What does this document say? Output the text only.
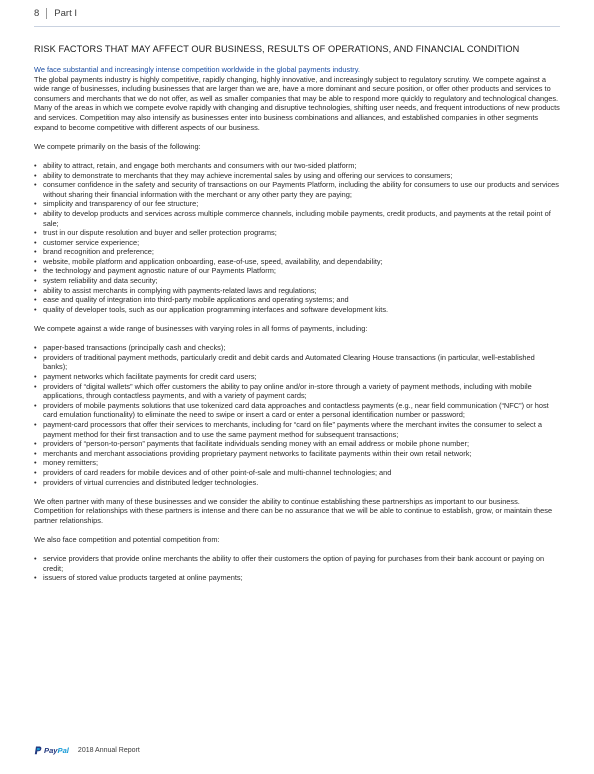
8 Part I
RISK FACTORS THAT MAY AFFECT OUR BUSINESS, RESULTS OF OPERATIONS, AND FINANCIAL CONDITION

We face substantial and increasingly intense competition worldwide in the global payments industry.

The global payments industry is highly competitive, rapidly changing, highly innovative, and increasingly subject to regulatory scrutiny. We compete against a wide range of businesses, including businesses that are larger than we are, have a more dominant and secure position, or offer other products and services to consumers and merchants that we do not offer, as well as smaller companies that may be able to respond more quickly to regulatory and technological changes. Many of the areas in which we compete evolve rapidly with changing and disruptive technologies, shifting user needs, and frequent introductions of new products and services. Competition may also intensify as businesses enter into business combinations and alliances, and established companies in other segments expand to become competitive with different aspects of our business.

We compete primarily on the basis of the following:

• ability to attract, retain, and engage both merchants and consumers with our two-sided platform;
• ability to demonstrate to merchants that they may achieve incremental sales by using and offering our services to consumers;
• consumer confidence in the safety and security of transactions on our Payments Platform, including the ability for consumers to use our products and services without sharing their financial information with the merchant or any other party they are paying;
• simplicity and transparency of our fee structure;
• ability to develop products and services across multiple commerce channels, including mobile payments, credit products, and payments at the retail point of sale;
• trust in our dispute resolution and buyer and seller protection programs;
• customer service experience;
• brand recognition and preference;
• website, mobile platform and application onboarding, ease-of-use, speed, availability, and dependability;
• the technology and payment agnostic nature of our Payments Platform;
• system reliability and data security;
• ability to assist merchants in complying with payments-related laws and regulations;
• ease and quality of integration into third-party mobile applications and operating systems; and
• quality of developer tools, such as our application programming interfaces and software development kits.

We compete against a wide range of businesses with varying roles in all forms of payments, including:

• paper-based transactions (principally cash and checks);
• providers of traditional payment methods, particularly credit and debit cards and Automated Clearing House transactions (in particular, well-established banks);
• payment networks which facilitate payments for credit card users;
• providers of “digital wallets” which offer customers the ability to pay online and/or in-store through a variety of payment methods, including with mobile applications, through contactless payments, and with a variety of payment cards;
• providers of mobile payments solutions that use tokenized card data approaches and contactless payments (e.g., near field communication (“NFC”) or host card emulation functionality) to eliminate the need to swipe or insert a card or enter a personal identification number or password;
• payment-card processors that offer their services to merchants, including for “card on file” payments where the merchant invites the consumer to select a payment method for their first transaction and to use the same payment method for subsequent transactions;
• providers of “person-to-person” payments that facilitate individuals sending money with an email address or mobile phone number;
• merchants and merchant associations providing proprietary payment networks to facilitate payments within their own retail network;
• money remitters;
• providers of card readers for mobile devices and of other point-of-sale and multi-channel technologies; and
• providers of virtual currencies and distributed ledger technologies.

We often partner with many of these businesses and we consider the ability to continue establishing these partnerships as important to our business. Competition for relationships with these partners is intense and there can be no assurance that we will be able to continue to establish, grow, or maintain these partner relationships.

We also face competition and potential competition from:

• service providers that provide online merchants the ability to offer their customers the option of paying for purchases from their bank account or paying on credit;
• issuers of stored value products targeted at online payments;
Pay Pal 2018 Annual Report
